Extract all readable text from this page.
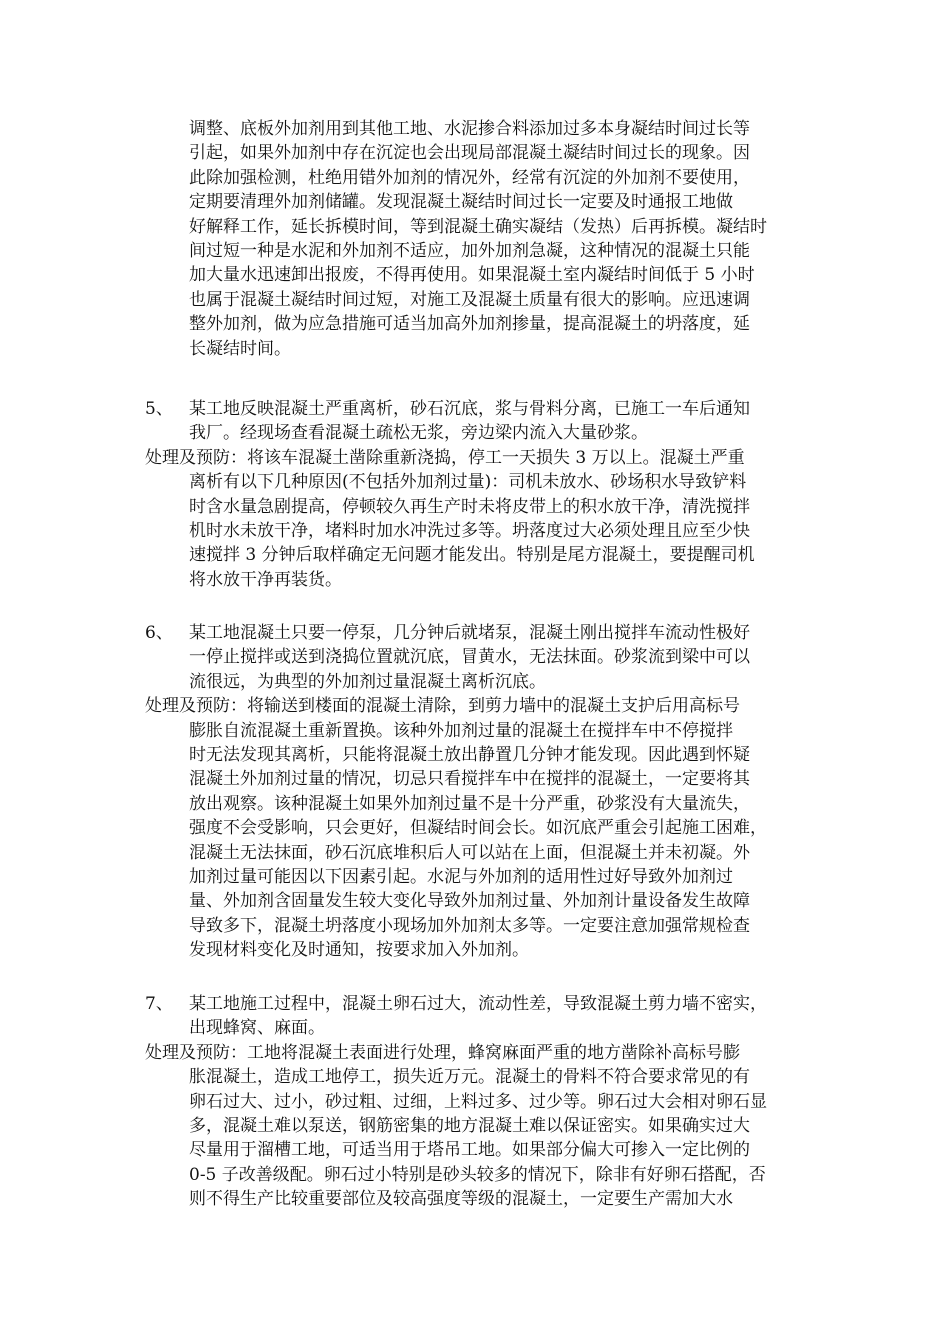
调整、底板外加剂用到其他工地、水泥掺合料添加过多本身凝结时间过长等
引起，如果外加剂中存在沉淀也会出现局部混凝土凝结时间过长的现象。因
此除加强检测，杜绝用错外加剂的情况外，经常有沉淀的外加剂不要使用，
定期要清理外加剂储罐。发现混凝土凝结时间过长一定要及时通报工地做
好解释工作，延长拆模时间，等到混凝土确实凝结（发热）后再拆模。凝结时
间过短一种是水泥和外加剂不适应，加外加剂急凝，这种情况的混凝土只能
加大量水迅速卸出报废，不得再使用。如果混凝土室内凝结时间低于 5 小时
也属于混凝土凝结时间过短，对施工及混凝土质量有很大的影响。应迅速调
整外加剂，做为应急措施可适当加高外加剂掺量，提高混凝土的坍落度，延
长凝结时间。
5、 某工地反映混凝土严重离析，砂石沉底，浆与骨料分离，已施工一车后通知
我厂。经现场查看混凝土疏松无浆，旁边梁内流入大量砂浆。
处理及预防：将该车混凝土凿除重新浇捣，停工一天损失 3 万以上。混凝土严重
离析有以下几种原因(不包括外加剂过量)：司机未放水、砂场积水导致铲料
时含水量急剧提高，停顿较久再生产时未将皮带上的积水放干净，清洗搅拌
机时水未放干净，堵料时加水冲洗过多等。坍落度过大必须处理且应至少快
速搅拌 3 分钟后取样确定无问题才能发出。特别是尾方混凝土，要提醒司机
将水放干净再装货。
6、 某工地混凝土只要一停泵，几分钟后就堵泵，混凝土刚出搅拌车流动性极好
一停止搅拌或送到浇捣位置就沉底，冒黄水，无法抹面。砂浆流到梁中可以
流很远，为典型的外加剂过量混凝土离析沉底。
处理及预防：将输送到楼面的混凝土清除，到剪力墙中的混凝土支护后用高标号
膨胀自流混凝土重新置换。该种外加剂过量的混凝土在搅拌车中不停搅拌
时无法发现其离析，只能将混凝土放出静置几分钟才能发现。因此遇到怀疑
混凝土外加剂过量的情况，切忌只看搅拌车中在搅拌的混凝土，一定要将其
放出观察。该种混凝土如果外加剂过量不是十分严重，砂浆没有大量流失，
强度不会受影响，只会更好，但凝结时间会长。如沉底严重会引起施工困难，
混凝土无法抹面，砂石沉底堆积后人可以站在上面，但混凝土并未初凝。外
加剂过量可能因以下因素引起。水泥与外加剂的适用性过好导致外加剂过
量、外加剂含固量发生较大变化导致外加剂过量、外加剂计量设备发生故障
导致多下，混凝土坍落度小现场加外加剂太多等。一定要注意加强常规检查
发现材料变化及时通知，按要求加入外加剂。
7、 某工地施工过程中，混凝土卵石过大，流动性差，导致混凝土剪力墙不密实，
出现蜂窝、麻面。
处理及预防：工地将混凝土表面进行处理，蜂窝麻面严重的地方凿除补高标号膨
胀混凝土，造成工地停工，损失近万元。混凝土的骨料不符合要求常见的有
卵石过大、过小，砂过粗、过细，上料过多、过少等。卵石过大会相对卵石显
多，混凝土难以泵送，钢筋密集的地方混凝土难以保证密实。如果确实过大
尽量用于溜槽工地，可适当用于塔吊工地。如果部分偏大可掺入一定比例的
0-5 子改善级配。卵石过小特别是砂头较多的情况下，除非有好卵石搭配，否
则不得生产比较重要部位及较高强度等级的混凝土，一定要生产需加大水
